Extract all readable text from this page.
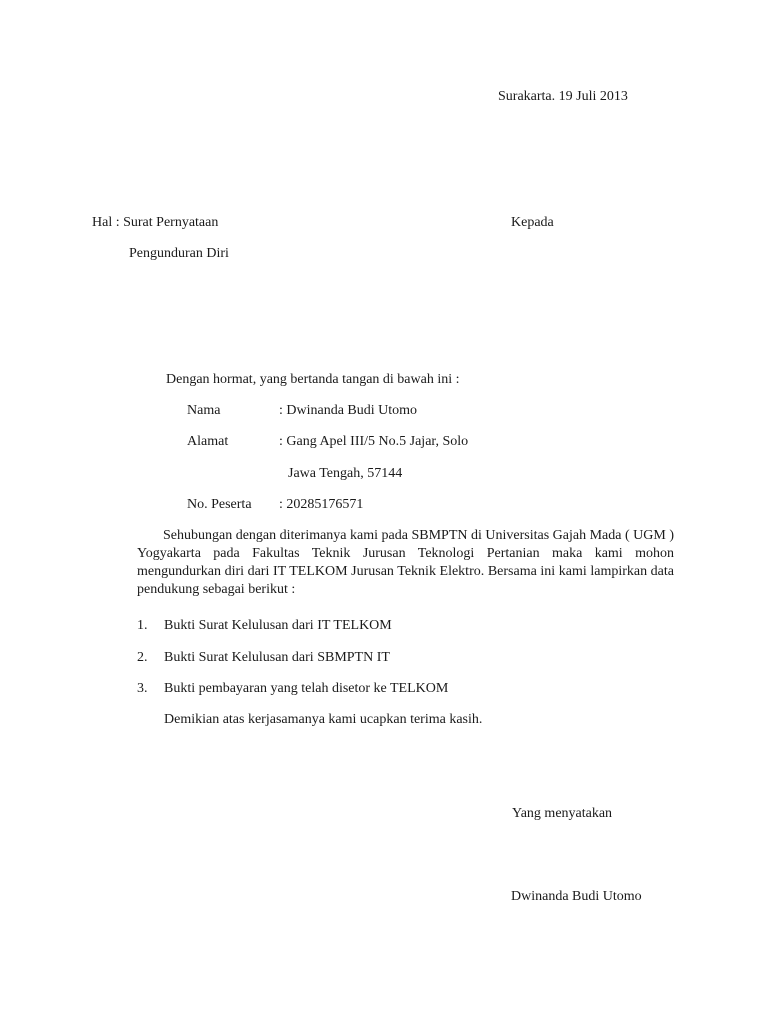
Surakarta. 19 Juli 2013
Hal : Surat Pernyataan	Kepada
Pengunduran Diri
Dengan hormat, yang bertanda tangan di bawah ini :
Nama	: Dwinanda Budi Utomo
Alamat	: Gang Apel III/5 No.5 Jajar, Solo
Jawa Tengah, 57144
No. Peserta : 20285176571
Sehubungan dengan diterimanya kami pada SBMPTN di Universitas Gajah Mada ( UGM ) Yogyakarta pada Fakultas Teknik Jurusan Teknologi Pertanian maka kami mohon mengundurkan diri dari IT TELKOM Jurusan Teknik Elektro. Bersama ini kami lampirkan data pendukung sebagai berikut :
1. Bukti Surat Kelulusan dari IT TELKOM
2. Bukti Surat Kelulusan dari SBMPTN IT
3. Bukti pembayaran yang telah disetor ke TELKOM
Demikian atas kerjasamanya kami ucapkan terima kasih.
Yang menyatakan
Dwinanda Budi Utomo
